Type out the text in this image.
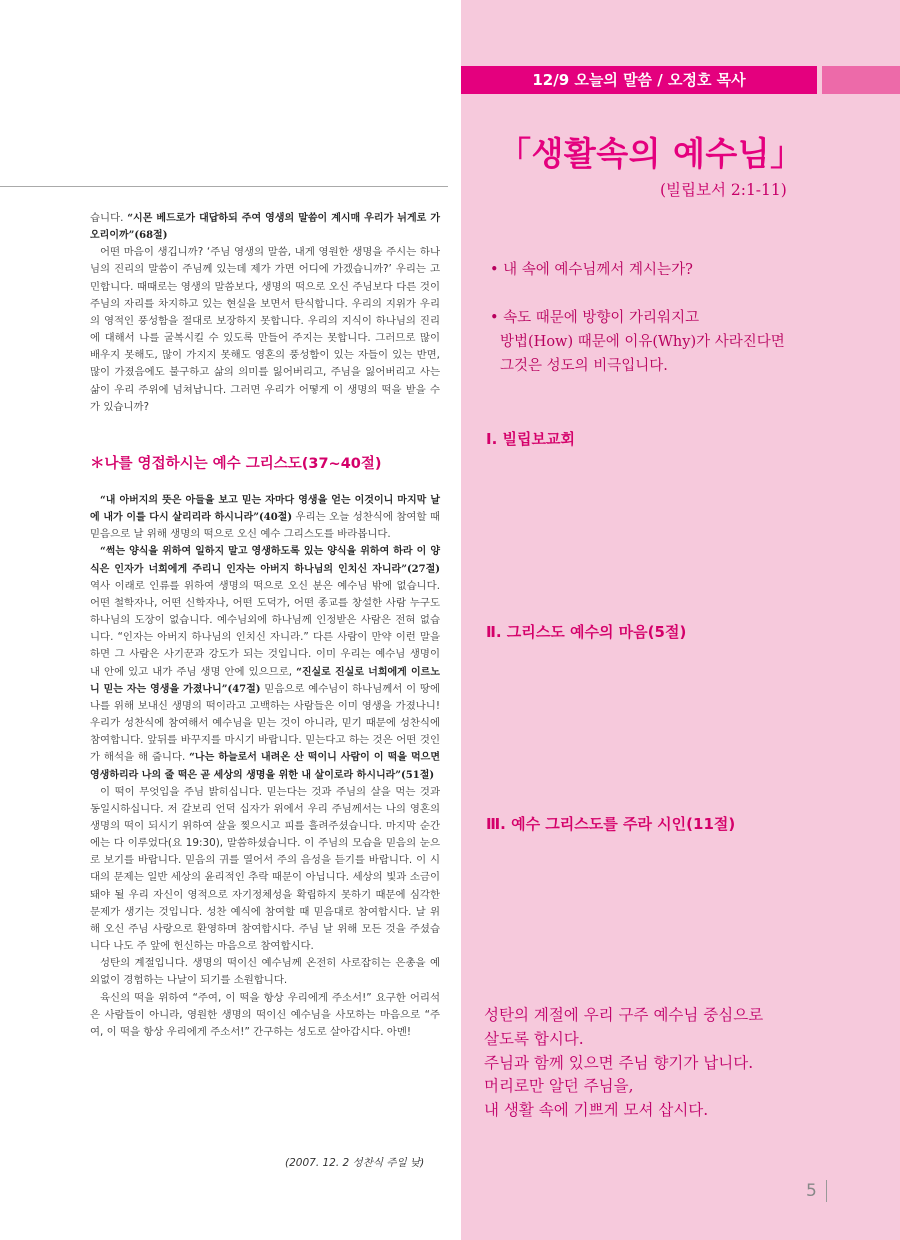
습니다. “시몬 베드로가 대답하되 주여 영생의 말씀이 계시매 우리가 뉘게로 가오리이까”(68절)

어떤 마음이 생깁니까? ‘주님 영생의 말씀, 내게 영원한 생명을 주시는 하나님의 진리의 말씀이 주님께 있는데 제가 가면 어디에 가겠습니까?’ 우리는 고민합니다. 때때로는 영생의 말씀보다, 생명의 떡으로 오신 주님보다 다른 것이 주님의 자리를 차지하고 있는 현실을 보면서 탄식합니다. 우리의 지위가 우리의 영적인 풍성함을 절대로 보장하지 못합니다. 우리의 지식이 하나님의 진리에 대해서 나를 굴복시킬 수 있도록 만들어 주지는 못합니다. 그러므로 많이 배우지 못해도, 많이 가지지 못해도 영혼의 풍성함이 있는 자들이 있는 반면, 많이 가졌음에도 불구하고 삶의 의미를 잃어버리고, 주님을 잃어버리고 사는 삶이 우리 주위에 넘쳐납니다. 그러면 우리가 어떻게 이 생명의 떡을 받을 수가 있습니까?

＊나를 영접하시는 예수 그리스도(37~40절)

“내 아버지의 뜻은 아들을 보고 믿는 자마다 영생을 얻는 이것이니 마지막 날에 내가 이를 다시 살리리라 하시니라”(40절) 우리는 오늘 성찬식에 참여할 때 믿음으로 날 위해 생명의 떡으로 오신 예수 그리스도를 바라봅니다.

“썩는 양식을 위하여 일하지 말고 영생하도록 있는 양식을 위하여 하라 이 양식은 인자가 너희에게 주리니 인자는 아버지 하나님의 인치신 자니라”(27절) 역사 이래로 인류를 위하여 생명의 떡으로 오신 분은 예수님 밖에 없습니다. 어떤 철학자나, 어떤 신학자나, 어떤 도덕가, 어떤 종교를 창설한 사람 누구도 하나님의 도장이 없습니다. 예수님외에 하나님께 인정받은 사람은 전혀 없습니다. “인자는 아버지 하나님의 인치신 자니라.” 다른 사람이 만약 이런 말을 하면 그 사람은 사기꾼과 강도가 되는 것입니다. 이미 우리는 예수님 생명이 내 안에 있고 내가 주님 생명 안에 있으므로, “진실로 진실로 너희에게 이르노니 믿는 자는 영생을 가졌나니”(47절) 믿음으로 예수님이 하나님께서 이 땅에 나를 위해 보내신 생명의 떡이라고 고백하는 사람들은 이미 영생을 가졌나니! 우리가 성찬식에 참여해서 예수님을 믿는 것이 아니라, 믿기 때문에 성찬식에 참여합니다. 앞뒤를 바꾸지를 마시기 바랍니다. 믿는다고 하는 것은 어떤 것인가 해석을 해 줍니다. “나는 하늘로서 내려온 산 떡이니 사람이 이 떡을 먹으면 영생하리라 나의 줄 떡은 곧 세상의 생명을 위한 내 살이로라 하시니라”(51절)

이 떡이 무엇입을 주님 밝히십니다. 믿는다는 것과 주님의 살을 먹는 것과 동일시하십니다. 저 갈보리 언덕 십자가 위에서 우리 주님께서는 나의 영혼의 생명의 떡이 되시기 위하여 살을 찢으시고 피를 흘려주셨습니다. 마지막 순간에는 다 이루었다(요 19:30), 말씀하셨습니다. 이 주님의 모습을 믿음의 눈으로 보기를 바랍니다. 믿음의 귀를 열어서 주의 음성을 듣기를 바랍니다. 이 시대의 문제는 일반 세상의 윤리적인 추락 때문이 아닙니다. 세상의 빛과 소금이 돼야 될 우리 자신이 영적으로 자기정체성을 확립하지 못하기 때문에 심각한 문제가 생기는 것입니다. 성찬 예식에 참여할 때 믿음대로 참여합시다. 날 위해 오신 주님 사랑으로 환영하며 참여합시다. 주님 날 위해 모든 것을 주셨습니다 나도 주 앞에 헌신하는 마음으로 참여합시다.

성탄의 계절입니다. 생명의 떡이신 예수님께 온전히 사로잡히는 은총을 예외없이 경험하는 나날이 되기를 소원합니다.

육신의 떡을 위하여 “주여, 이 떡을 항상 우리에게 주소서!” 요구한 어리석은 사람들이 아니라, 영원한 생명의 떡이신 예수님을 사모하는 마음으로 “주여, 이 떡을 항상 우리에게 주소서!” 간구하는 성도로 살아갑시다. 아멘!

(2007. 12. 2 성찬식 주일 낮)
12/9 오늘의 말씀 / 오정호 목사
「생활속의 예수님」
(빌립보서 2:1-11)
• 내 속에 예수님께서 계시는가?
• 속도 때문에 방향이 가리워지고
방법(How) 때문에 이유(Why)가 사라진다면
그것은 성도의 비극입니다.
Ⅰ. 빌립보교회
Ⅱ. 그리스도 예수의 마음(5절)
Ⅲ. 예수 그리스도를 주라 시인(11절)
성탄의 계절에 우리 구주 예수님 중심으로
살도록 합시다.
주님과 함께 있으면 주님 향기가 납니다.
머리로만 알던 주님을,
내 생활 속에 기쁘게 모셔 삽시다.
5
